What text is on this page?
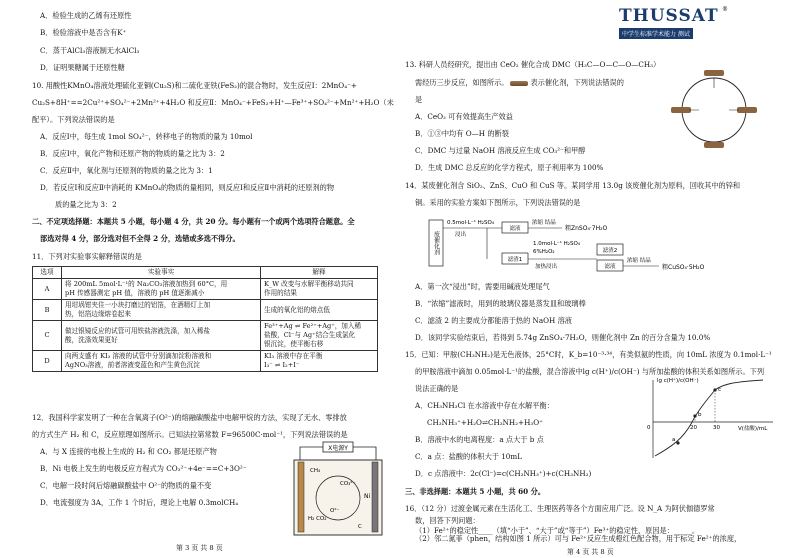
A．检验生成的乙烯有还原性
B．检验溶液中是否含有K⁺
C．蒸干AlCl₃溶液制无水AlCl₃
D．证明果糖属于还原性糖
10. 用酸性KMnO₄溶液处理硫化亚铜(Cu₂S)和二硫化亚铁(FeS₂)的混合物时，发生反应Ⅰ：2MnO₄⁻+
Cu₂S+8H⁺==2Cu²⁺+SO₄²⁻+2Mn²⁺+4H₂O 和反应Ⅱ：MnO₄⁻+FeS₂+H⁺—Fe³⁺+SO₄²⁻+Mn²⁺+H₂O（未
配平）。下列说法错误的是
A．反应Ⅰ中，每生成 1mol SO₄²⁻，转移电子的物质的量为 10mol
B．反应Ⅰ中，氧化产物和还原产物的物质的量之比为 3：2
C．反应Ⅱ中，氧化剂与还原剂的物质的量之比为 3：1
D．若反应Ⅰ和反应Ⅱ中消耗的 KMnO₄的物质的量相同，则反应Ⅰ和反应Ⅱ中消耗的还原剂的物
质的量之比为 3：2
二、不定项选择题：本题共 5 小题，每小题 4 分，共 20 分。每小题有一个或两个选项符合题意。全
部选对得 4 分，部分选对但不全得 2 分，选错或多选不得分。
11．下列对实验事实解释错误的是
选项	实验事实	解释
A	将 200mL 5mol·L⁻¹的 Na₂CO₃溶液加热到 60°C，用
pH 传感器测定 pH 值，溶液的 pH 值逐渐减小	K_W 改变与水解平衡移动共同
作用的结果
B	用坩埚钳夹住一小块打磨过的铝箔，在酒精灯上加
热，铝箔边缘熔卷起来	生成的氧化铝的熔点低
C	做过银镜反应的试管可用铁盐溶液洗涤，加入稀盐
酸，洗涤效果更好	Fe³⁺+Ag ⇌ Fe²⁺+Ag⁺，加入稀
盐酸，Cl⁻与 Ag⁺结合生成氯化
银沉淀，使平衡右移
D	向两支盛有 KI₃ 溶液的试管中分别滴加淀粉溶液和
AgNO₃溶液，前者溶液变蓝色和产生黄色沉淀	KI₃ 溶液中存在平衡
I₃⁻ ⇌ I₂+I⁻
12．我国科学家发明了一种在含氧离子(O²⁻)的熔融碳酸盐中电解甲烷的方法，实现了无水、零排放
的方式生产 H₂ 和 C，反应原理如图所示。已知法拉第常数 F=96500C·mol⁻¹，下列说法错误的是
A．与 X 连接的电极上生成的 H₂ 和 CO₂ 都是还原产物
B．Ni 电极上发生的电极反应方程式为 CO₃²⁻+4e⁻==C+3O²⁻
C．电解一段时间后熔融碳酸盐中 O²⁻的物质的量不变
D．电流强度为 3A，工作 1 个时后，理论上电解 0.3molCH₄
X电源Y
Ni
CH₄
H₂ CO₂
CO₃²⁻
O²⁻
C
第 3 页 共 8 页
THUSSAT ®
中学生标准学术能力 测试
13. 科研人员经研究，提出由 CeO₂ 催化合成 DMC（H₃C—O—C—O—CH₃）
需经历三步反应，如图所示。	表示催化剂，下列说法错误的
是
A．CeO₂ 可有效提高生产效益
B．①③中均有 O—H 的断裂
C．DMC 与过量 NaOH 溶液反应生成 CO₃²⁻和甲醇
D．生成 DMC 总反应的化学方程式，原子利用率为 100%
14．某废催化剂含 SiO₂、ZnS、CuO 和 CuS 等。某同学用 13.0g 该废催化剂为原料，回收其中的锌和
铜。采用的实验方案如下图所示，下列说法错误的是
废催化剂
0.5mol·L⁻¹ H₂SO₄
浸出
滤液
浓缩 结晶
粗ZnSO₄·7H₂O
滤渣1
1.0mol·L⁻¹ H₂SO₄
6%H₂O₂
加热浸出
滤渣2
滤液
浓缩 结晶
粗CuSO₄·5H₂O
A．第一次“浸出”时，需要用碱液处理尾气
B．“浓缩”滤液时，用到的玻璃仪器是蒸发皿和玻璃棒
C．滤渣 2 的主要成分都能溶于热的 NaOH 溶液
D．该同学实验结束后，若得到 5.74g ZnSO₄·7H₂O，则催化剂中 Zn 的百分含量为 10.0%
15．已知：甲胺(CH₃NH₂)是无色液体，25°C时，K_b=10⁻³·³⁴，有类似氨的性质，向 10mL 浓度为 0.1mol·L⁻¹
的甲胺溶液中滴加 0.05mol·L⁻¹的盐酸，混合溶液中lg c(H⁺)/c(OH⁻) 与所加盐酸的体积关系如图所示。下列
说法正确的是
A．CH₃NH₃Cl 在水溶液中存在水解平衡：
CH₃NH₃⁺+H₂O⇌CH₃NH₂+H₃O⁺
B．溶液中水的电离程度：a 点大于 b 点
C．a 点：盐酸的体积大于 10mL
D．c 点溶液中：2c(Cl⁻)=c(CH₃NH₃⁺)+c(CH₃NH₂)
lg c(H⁺)/c(OH⁻)
V(盐酸)/mL
0	20	30
a
b
c
三、非选择题：本题共 5 小题，共 60 分。
16．（12 分）过渡金属元素在生活化工、生理医药等各个方面应用广泛。设 N_A 为阿伏伽德罗常
数，回答下列问题：
（1）Fe²⁺的稳定性____（填“小于”、“大于”或“等于”）Fe³⁺的稳定性，原因是：_____。
（2）邻二氮菲（phen，结构如图 1 所示）可与 Fe²⁺反应生成橙红色配合物，用于标定 Fe²⁺的浓度，
第 4 页 共 8 页
